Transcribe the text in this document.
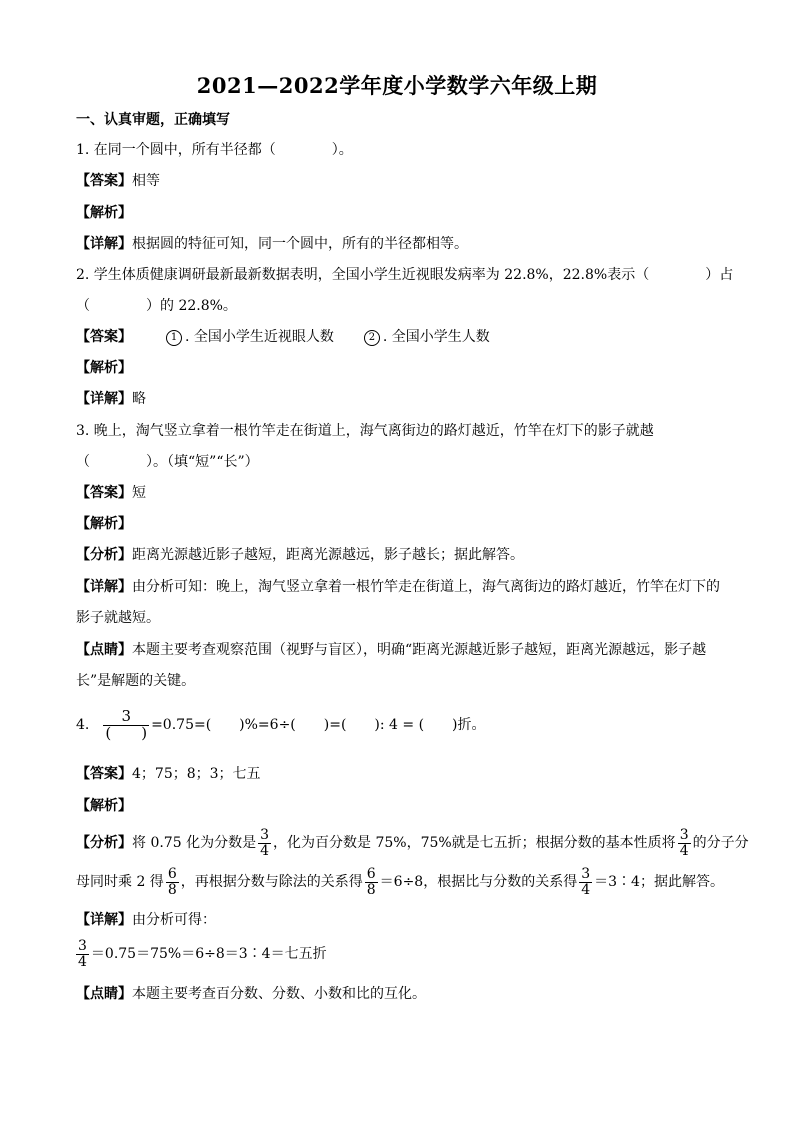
2021—2022学年度小学数学六年级上期
一、认真审题，正确填写
1. 在同一个圆中，所有半径都（　　　　）。
【答案】相等
【解析】
【详解】根据圆的特征可知，同一个圆中，所有的半径都相等。
2. 学生体质健康调研最新最新数据表明，全国小学生近视眼发病率为 22.8%，22.8%表示（　　　　）占
（　　　　）的 22.8%。
【答案】	1 . 全国小学生近视眼人数	2 . 全国小学生人数
【解析】
【详解】略
3. 晚上，淘气竖立拿着一根竹竿走在街道上，海气离街边的路灯越近，竹竿在灯下的影子就越
（　　　　）。（填“短”“长”）
【答案】短
【解析】
【分析】距离光源越近影子越短，距离光源越远，影子越长；据此解答。
【详解】由分析可知：晚上，淘气竖立拿着一根竹竿走在街道上，海气离街边的路灯越近，竹竿在灯下的
影子就越短。
【点睛】本题主要考查观察范围（视野与盲区），明确“距离光源越近影子越短，距离光源越远，影子越
长”是解题的关键。
4. $\frac{3}{( )} =0.75=$(　　)%=6÷(　　)=(　　): 4 = (　　)折。
【答案】4；75；8；3；七五
【解析】
【分析】将 0.75 化为分数是 $\frac{3}{4}$ ，化为百分数是 75%，75%就是七五折；根据分数的基本性质将 $\frac{3}{4}$ 的分子分
母同时乘 2 得 $\frac{6}{8}$ ，再根据分数与除法的关系得 $\frac{6}{8} =6\div 8$，根据比与分数的关系得 $\frac{3}{4}$ ＝3∶4；据此解答。
【详解】由分析可得：
$\frac{3}{4}$ ＝0.75＝75%＝6÷8＝3∶4＝七五折
【点睛】本题主要考查百分数、分数、小数和比的互化。
